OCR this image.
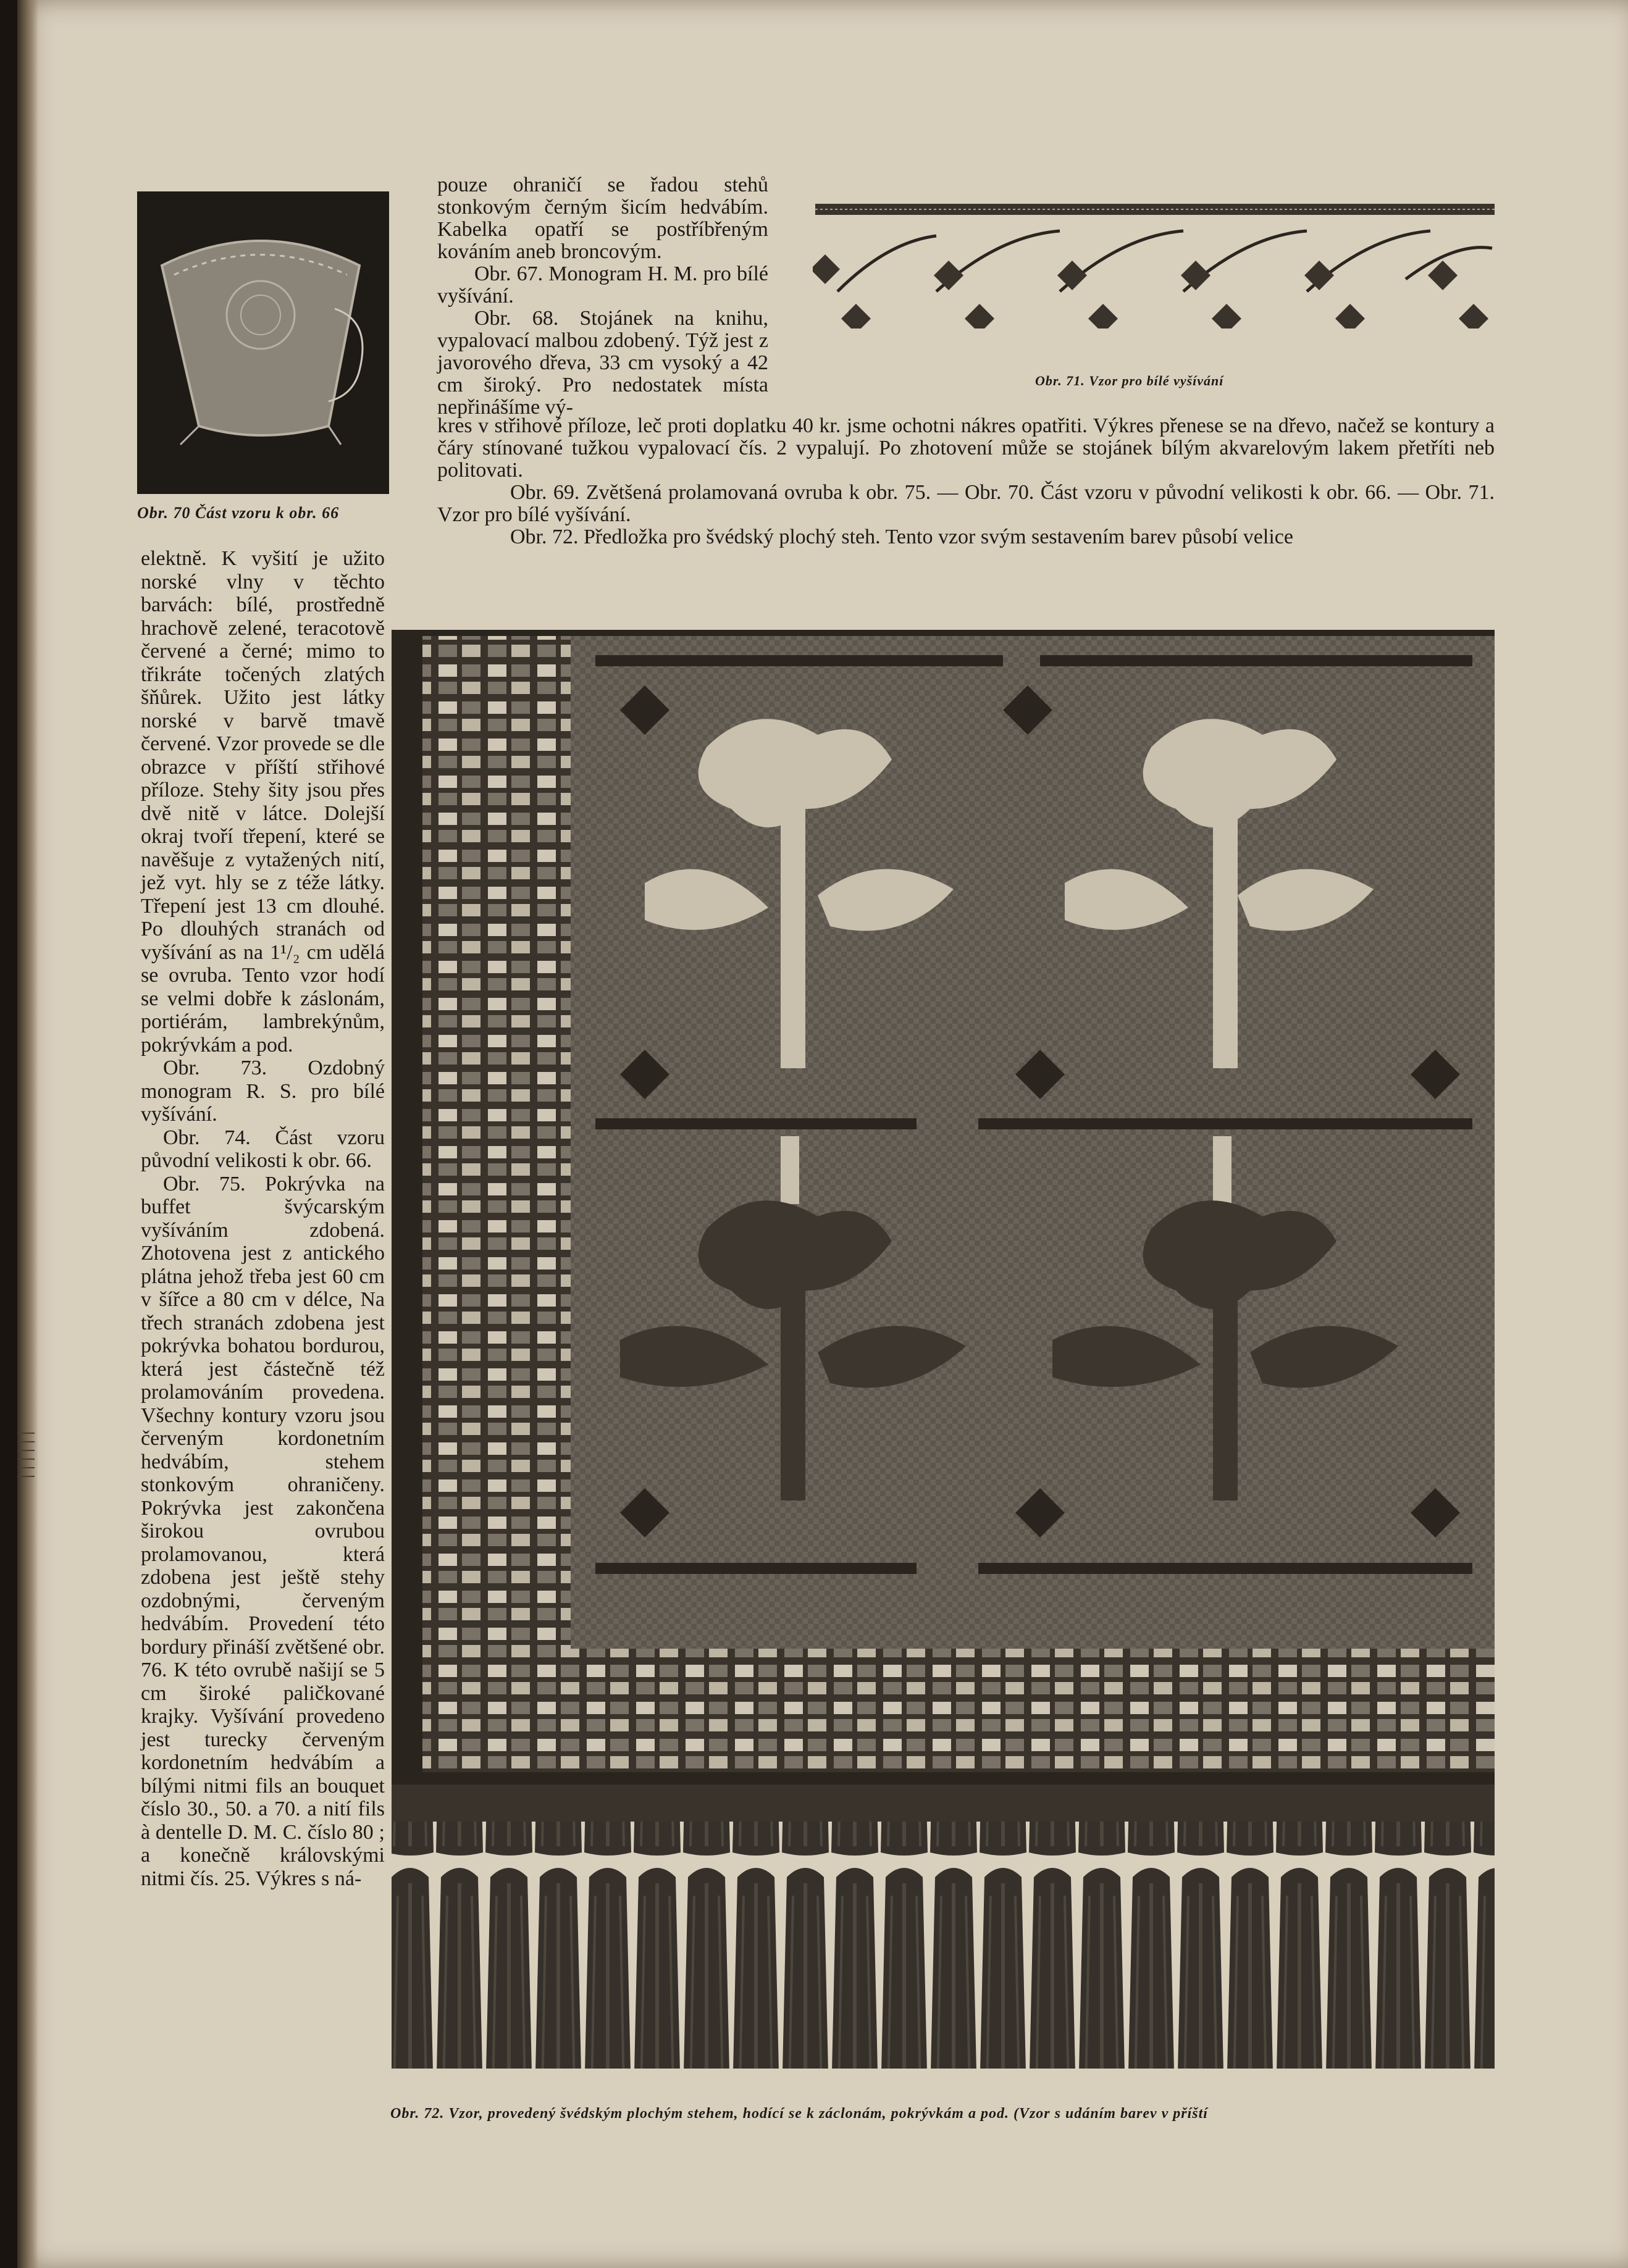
Obr. 70 Část vzoru k obr. 66

elektně. K vyšití je užito norské vlny v těchto barvách: bílé, prostředně hrachově zelené, teracotově červené a černé; mimo to třikráte točených zlatých šňůrek. Užito jest látky norské v barvě tmavě červené. Vzor provede se dle obrazce v příští střihové příloze. Stehy šity jsou přes dvě nitě v látce. Dolejší okraj tvoří třepení, které se navěšuje z vytažených nití, jež vyt. hly se z téže látky. Třepení jest 13 cm dlouhé. Po dlouhých stranách od vyšívání as na 1¹/₂ cm udělá se ovruba. Tento vzor hodí se velmi dobře k záslonám, portiérám, lambrekýnům, pokrývkám a pod.

Obr. 73. Ozdobný monogram R. S. pro bílé vyšívání.

Obr. 74. Část vzoru původní velikosti k obr. 66.

Obr. 75. Pokrývka na buffet švýcarským vyšíváním zdobená. Zhotovena jest z antického plátna jehož třeba jest 60 cm v šířce a 80 cm v délce, Na třech stranách zdobena jest pokrývka bohatou bordurou, která jest částečně též prolamováním provedena. Všechny kontury vzoru jsou červeným kordonetním hedvábím, stehem stonkovým ohraničeny. Pokrývka jest zakončena širokou ovrubou prolamovanou, která zdobena jest ještě stehy ozdobnými, červeným hedvábím. Provedení této bordury přináší zvětšené obr. 76. K této ovrubě našijí se 5 cm široké paličkované krajky. Vyšívání provedeno jest turecky červeným kordonetním hedvábím a bílými nitmi fils an bouquet číslo 30., 50. a 70. a nití fils à dentelle D. M. C. číslo 80 ; a konečně královskými nitmi čís. 25. Výkres s ná-

pouze ohraničí se řadou stehů stonkovým černým šicím hedvábím. Kabelka opatří se postříbřeným kováním aneb broncovým.

Obr. 67. Monogram H. M. pro bílé vyšívání.

Obr. 68. Stojánek na knihu, vypalovací malbou zdobený. Týž jest z javorového dřeva, 33 cm vysoký a 42 cm široký. Pro nedostatek místa nepřinášíme vý-

Obr. 71. Vzor pro bílé vyšívání

kres v střihové příloze, leč proti doplatku 40 kr. jsme ochotni nákres opatřiti. Výkres přenese se na dřevo, načež se kontury a čáry stínované tužkou vypalovací čís. 2 vypalují. Po zhotovení může se stojánek bílým akvarelovým lakem přetříti neb politovati.

Obr. 69. Zvětšená prolamovaná ovruba k obr. 75. — Obr. 70. Část vzoru v původní velikosti k obr. 66. — Obr. 71. Vzor pro bílé vyšívání.

Obr. 72. Předložka pro švédský plochý steh. Tento vzor svým sestavením barev působí velice

Obr. 72. Vzor, provedený švédským plochým stehem, hodící se k záclonám, pokrývkám a pod. (Vzor s udáním barev v příští
